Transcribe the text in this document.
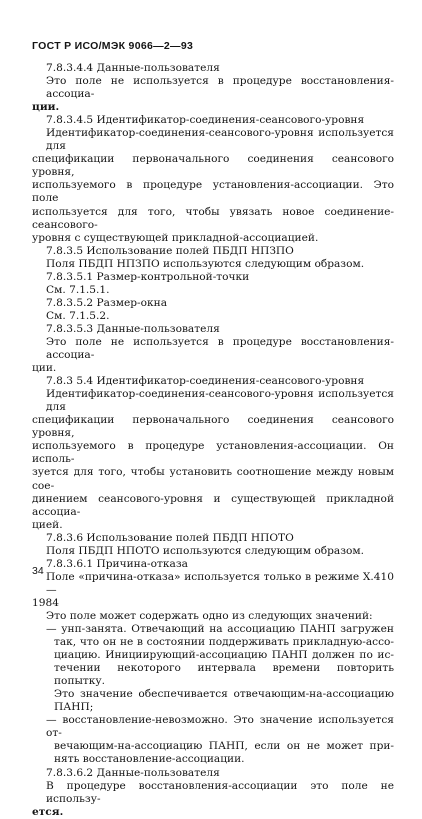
ГОСТ Р ИСО/МЭК 9066—2—93
7.8.3.4.4 Данные-пользователя
Это поле не используется в процедуре восстановления-ассоциа-
ции.
7.8.3.4.5 Идентификатор-соединения-сеансового-уровня
Идентификатор-соединения-сеансового-уровня используется для
спецификации первоначального соединения сеансового уровня,
используемого в процедуре установления-ассоциации. Это поле
используется для того, чтобы увязать новое соединение-сеансового-
уровня с существующей прикладной-ассоциацией.
7.8.3.5 Использование полей ПБДП НПЗПО
Поля ПБДП НПЗПО используются следующим образом.
7.8.3.5.1 Размер-контрольной-точки
См. 7.1.5.1.
7.8.3.5.2 Размер-окна
См. 7.1.5.2.
7.8.3.5.3 Данные-пользователя
Это поле не используется в процедуре восстановления-ассоциа-
ции.
7.8.3 5.4 Идентификатор-соединения-сеансового-уровня
Идентификатор-соединения-сеансового-уровня используется для
спецификации первоначального соединения сеансового уровня,
используемого в процедуре установления-ассоциации. Он исполь-
зуется для того, чтобы установить соотношение между новым сое-
динением сеансового-уровня и существующей прикладной ассоциа-
цией.
7.8.3.6 Использование полей ПБДП НПОТО
Поля ПБДП НПОТО используются следующим образом.
7.8.3.6.1 Причина-отказа
Поле «причина-отказа» используется только в режиме Х.410 —
1984
Это поле может содержать одно из следующих значений:
— унп-занята. Отвечающий на ассоциацию ПАНП загружен
так, что он не в состоянии поддерживать прикладную-ассо-
циацию. Инициирующий-ассоциацию ПАНП должен по ис-
течении некоторого интервала времени повторить попытку.
Это значение обеспечивается отвечающим-на-ассоциацию
ПАНП;
— восстановление-невозможно. Это значение используется от-
вечающим-на-ассоциацию ПАНП, если он не может при-
нять восстановление-ассоциации.
7.8.3.6.2 Данные-пользователя
В процедуре восстановления-ассоциации это поле не использу-
ется.
34
